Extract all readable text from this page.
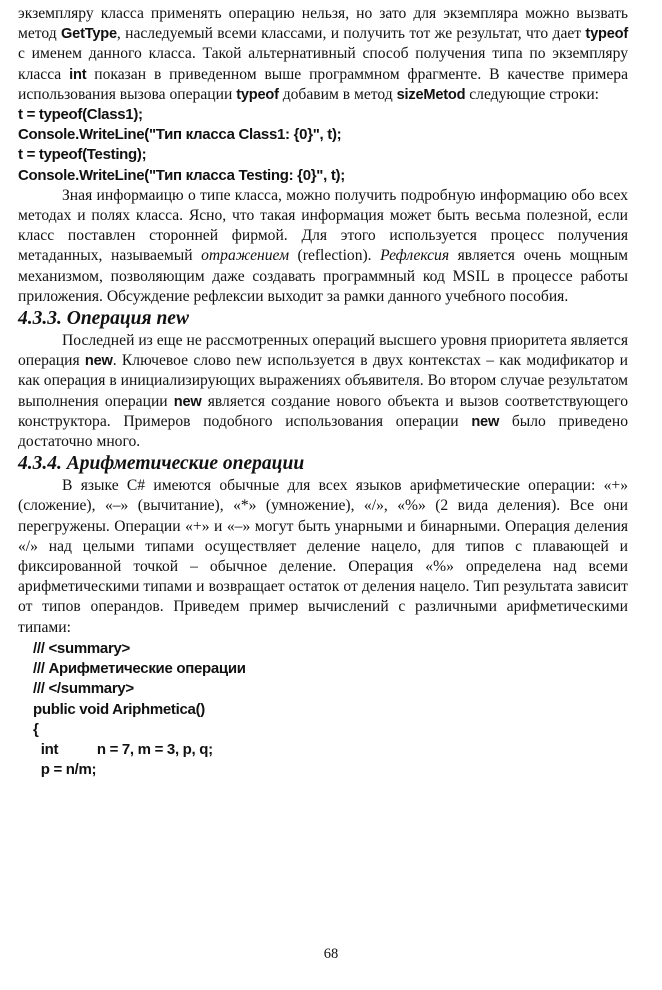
экземпляру класса применять операцию нельзя, но зато для экземпляра можно вызвать метод GetType, наследуемый всеми классами, и получить тот же результат, что дает typeof с именем данного класса. Такой альтернативный способ получения типа по экземпляру класса int показан в приведенном выше программном фрагменте. В качестве примера использования вызова операции typeof добавим в метод sizeMetod следующие строки:

t = typeof(Class1);
Console.WriteLine("Тип класса Class1: {0}", t);
t = typeof(Testing);
Console.WriteLine("Тип класса Testing: {0}", t);

Зная информаицю о типе класса, можно получить подробную информацию обо всех методах и полях класса. Ясно, что такая информация может быть весьма полезной, если класс поставлен сторонней фирмой. Для этого используется процесс получения метаданных, называемый отражением (reflection). Рефлексия является очень мощным механизмом, позволяющим даже создавать программный код MSIL в процессе работы приложения. Обсуждение рефлексии выходит за рамки данного учебного пособия.

4.3.3. Операция new

Последней из еще не рассмотренных операций высшего уровня приоритета является операция new. Ключевое слово new используется в двух контекстах – как модификатор и как операция в инициализирующих выражениях объявителя. Во втором случае результатом выполнения операции new является создание нового объекта и вызов соответствующего конструктора. Примеров подобного использования операции new было приведено достаточно много.

4.3.4. Арифметические операции

В языке C# имеются обычные для всех языков арифметические операции: «+» (сложение), «–» (вычитание), «*» (умножение), «/», «%» (2 вида деления). Все они перегружены. Операции «+» и «–» могут быть унарными и бинарными. Операция деления «/» над целыми типами осуществляет деление нацело, для типов с плавающей и фиксированной точкой – обычное деление. Операция «%» определена над всеми арифметическими типами и возвращает остаток от деления нацело. Тип результата зависит от типов операндов. Приведем пример вычислений с различными арифметическими типами:

/// <summary>
/// Арифметические операции
/// </summary>
public void Ariphmetica()
{
int          n = 7, m = 3, p, q;
p = n/m;
68
